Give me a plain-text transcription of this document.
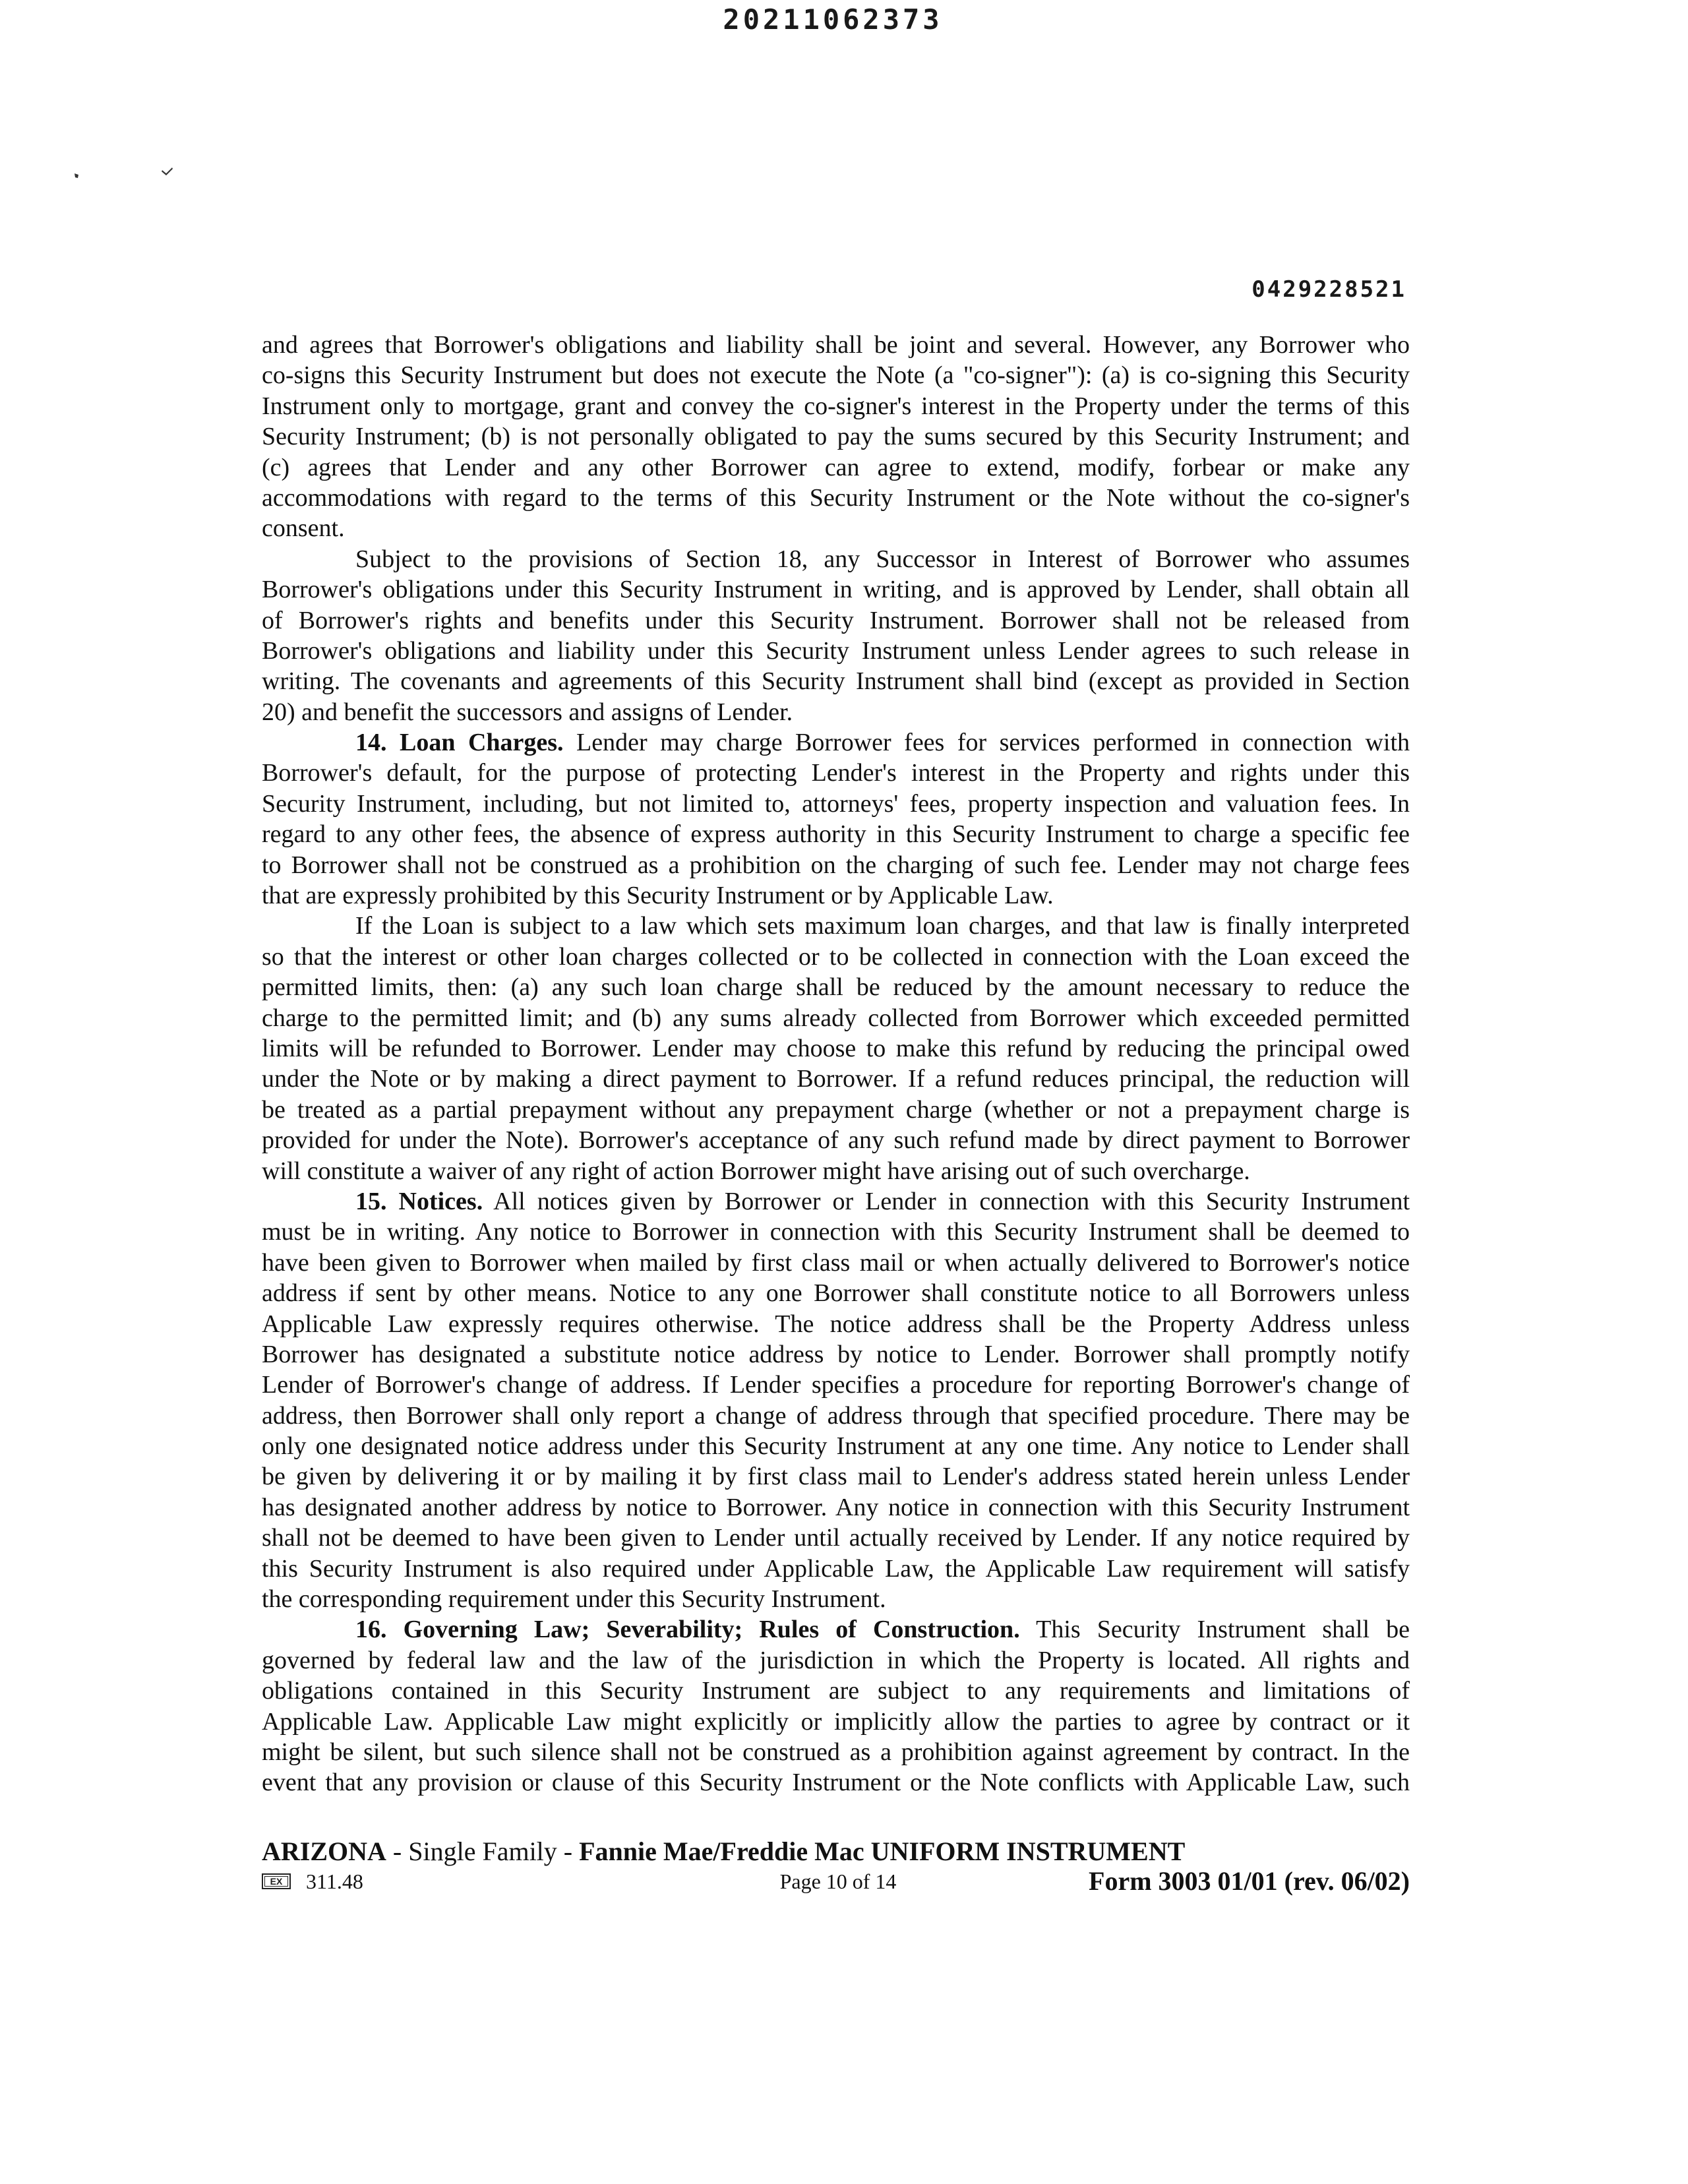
20211062373
0429228521
and agrees that Borrower's obligations and liability shall be joint and several. However, any Borrower who
co-signs this Security Instrument but does not execute the Note (a "co-signer"): (a) is co-signing this Security
Instrument only to mortgage, grant and convey the co-signer's interest in the Property under the terms of this
Security Instrument; (b) is not personally obligated to pay the sums secured by this Security Instrument; and
(c) agrees that Lender and any other Borrower can agree to extend, modify, forbear or make any
accommodations with regard to the terms of this Security Instrument or the Note without the co-signer's
consent.
Subject to the provisions of Section 18, any Successor in Interest of Borrower who assumes
Borrower's obligations under this Security Instrument in writing, and is approved by Lender, shall obtain all
of Borrower's rights and benefits under this Security Instrument. Borrower shall not be released from
Borrower's obligations and liability under this Security Instrument unless Lender agrees to such release in
writing. The covenants and agreements of this Security Instrument shall bind (except as provided in Section
20) and benefit the successors and assigns of Lender.
14. Loan Charges. Lender may charge Borrower fees for services performed in connection with
Borrower's default, for the purpose of protecting Lender's interest in the Property and rights under this
Security Instrument, including, but not limited to, attorneys' fees, property inspection and valuation fees. In
regard to any other fees, the absence of express authority in this Security Instrument to charge a specific fee
to Borrower shall not be construed as a prohibition on the charging of such fee. Lender may not charge fees
that are expressly prohibited by this Security Instrument or by Applicable Law.
If the Loan is subject to a law which sets maximum loan charges, and that law is finally interpreted
so that the interest or other loan charges collected or to be collected in connection with the Loan exceed the
permitted limits, then: (a) any such loan charge shall be reduced by the amount necessary to reduce the
charge to the permitted limit; and (b) any sums already collected from Borrower which exceeded permitted
limits will be refunded to Borrower. Lender may choose to make this refund by reducing the principal owed
under the Note or by making a direct payment to Borrower. If a refund reduces principal, the reduction will
be treated as a partial prepayment without any prepayment charge (whether or not a prepayment charge is
provided for under the Note). Borrower's acceptance of any such refund made by direct payment to Borrower
will constitute a waiver of any right of action Borrower might have arising out of such overcharge.
15. Notices. All notices given by Borrower or Lender in connection with this Security Instrument
must be in writing. Any notice to Borrower in connection with this Security Instrument shall be deemed to
have been given to Borrower when mailed by first class mail or when actually delivered to Borrower's notice
address if sent by other means. Notice to any one Borrower shall constitute notice to all Borrowers unless
Applicable Law expressly requires otherwise. The notice address shall be the Property Address unless
Borrower has designated a substitute notice address by notice to Lender. Borrower shall promptly notify
Lender of Borrower's change of address. If Lender specifies a procedure for reporting Borrower's change of
address, then Borrower shall only report a change of address through that specified procedure. There may be
only one designated notice address under this Security Instrument at any one time. Any notice to Lender shall
be given by delivering it or by mailing it by first class mail to Lender's address stated herein unless Lender
has designated another address by notice to Borrower. Any notice in connection with this Security Instrument
shall not be deemed to have been given to Lender until actually received by Lender. If any notice required by
this Security Instrument is also required under Applicable Law, the Applicable Law requirement will satisfy
the corresponding requirement under this Security Instrument.
16. Governing Law; Severability; Rules of Construction. This Security Instrument shall be
governed by federal law and the law of the jurisdiction in which the Property is located. All rights and
obligations contained in this Security Instrument are subject to any requirements and limitations of
Applicable Law. Applicable Law might explicitly or implicitly allow the parties to agree by contract or it
might be silent, but such silence shall not be construed as a prohibition against agreement by contract. In the
event that any provision or clause of this Security Instrument or the Note conflicts with Applicable Law, such
ARIZONA - Single Family - Fannie Mae/Freddie Mac UNIFORM INSTRUMENT
EX	311.48	Page 10 of 14	Form 3003 01/01 (rev. 06/02)
